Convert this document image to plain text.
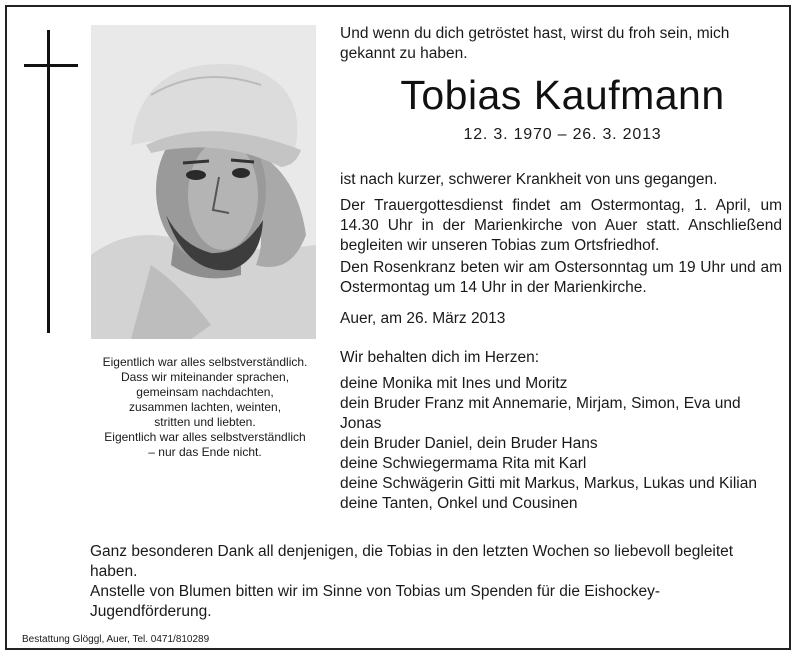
Eigentlich war alles selbstverständlich.
Dass wir miteinander sprachen,
gemeinsam nachdachten,
zusammen lachten, weinten,
stritten und liebten.
Eigentlich war alles selbstverständlich
– nur das Ende nicht.
Und wenn du dich getröstet hast, wirst du froh sein, mich gekannt zu haben.
Tobias Kaufmann
12. 3. 1970 – 26. 3. 2013
ist nach kurzer, schwerer Krankheit von uns gegangen.
Der Trauergottesdienst findet am Ostermontag, 1. April, um 14.30 Uhr in der Marienkirche von Auer statt. Anschließend begleiten wir unseren Tobias zum Ortsfriedhof.
Den Rosenkranz beten wir am Ostersonntag um 19 Uhr und am Ostermontag um 14 Uhr in der Marienkirche.
Auer, am 26. März 2013
Wir behalten dich im Herzen:
deine Monika mit Ines und Moritz
dein Bruder Franz mit Annemarie, Mirjam, Simon, Eva und Jonas
dein Bruder Daniel, dein Bruder Hans
deine Schwiegermama Rita mit Karl
deine Schwägerin Gitti mit Markus, Markus, Lukas und Kilian
deine Tanten, Onkel und Cousinen
Ganz besonderen Dank all denjenigen, die Tobias in den letzten Wochen so liebevoll begleitet haben.
Anstelle von Blumen bitten wir im Sinne von Tobias um Spenden für die Eishockey-Jugendförderung.
Bestattung Glöggl, Auer, Tel. 0471/810289
